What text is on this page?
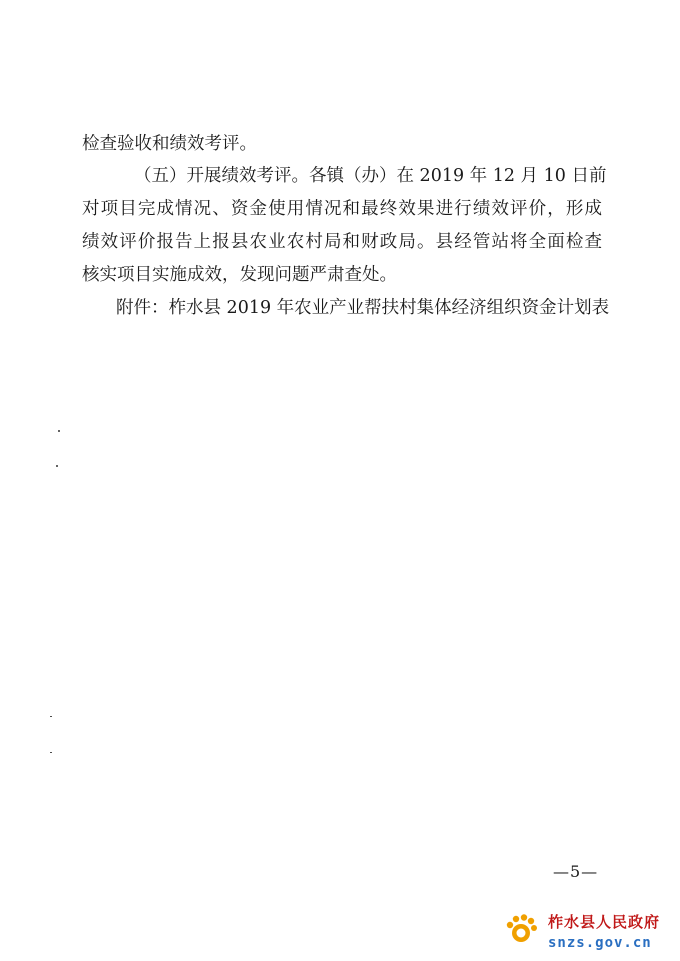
检查验收和绩效考评。
（五）开展绩效考评。各镇（办）在 2019 年 12 月 10 日前
对项目完成情况、资金使用情况和最终效果进行绩效评价，形成
绩效评价报告上报县农业农村局和财政局。县经管站将全面检查
核实项目实施成效，发现问题严肃查处。
附件：柞水县 2019 年农业产业帮扶村集体经济组织资金计划表
—5—
柞水县人民政府
snzs.gov.cn
